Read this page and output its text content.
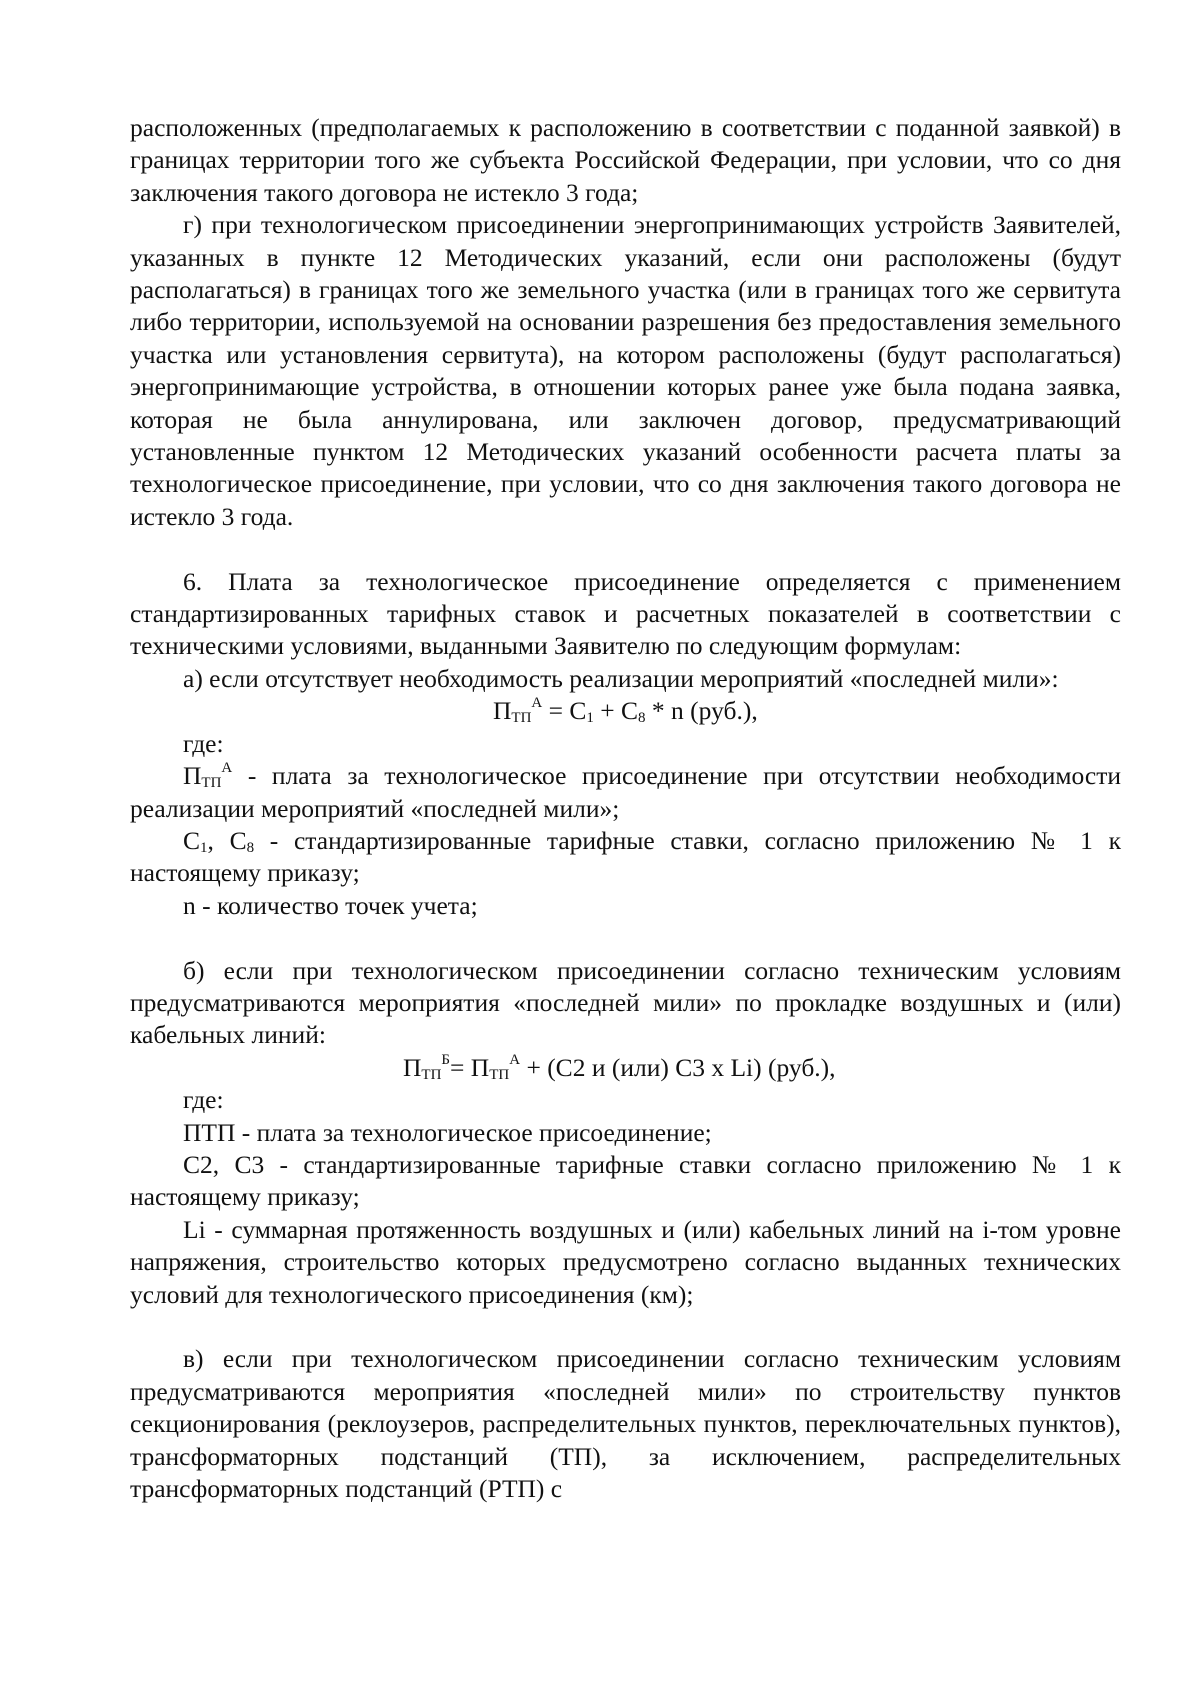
расположенных (предполагаемых к расположению в соответствии с поданной заявкой) в границах территории того же субъекта Российской Федерации, при условии, что со дня заключения такого договора не истекло 3 года;

г) при технологическом присоединении энергопринимающих устройств Заявителей, указанных в пункте 12 Методических указаний, если они расположены (будут располагаться) в границах того же земельного участка (или в границах того же сервитута либо территории, используемой на основании разрешения без предоставления земельного участка или установления сервитута), на котором расположены (будут располагаться) энергопринимающие устройства, в отношении которых ранее уже была подана заявка, которая не была аннулирована, или заключен договор, предусматривающий установленные пунктом 12 Методических указаний особенности расчета платы за технологическое присоединение, при условии, что со дня заключения такого договора не истекло 3 года.

6. Плата за технологическое присоединение определяется с применением стандартизированных тарифных ставок и расчетных показателей в соответствии с техническими условиями, выданными Заявителю по следующим формулам:

а) если отсутствует необходимость реализации мероприятий «последней мили»:

$П_{ТП}^А = С_1 + С_8 * n$ (руб.),

где:

$П_{ТП}^А$ - плата за технологическое присоединение при отсутствии необходимости реализации мероприятий «последней мили»;

$С_1$, $С_8$ - стандартизированные тарифные ставки, согласно приложению № 1 к настоящему приказу;

n - количество точек учета;

б) если при технологическом присоединении согласно техническим условиям предусматриваются мероприятия «последней мили» по прокладке воздушных и (или) кабельных линий:

$П_{ТП}^Б= П_{ТП}^А + (С2$ и (или) С3 х Li) (руб.),

где:

ПТП - плата за технологическое присоединение;

С2, С3 - стандартизированные тарифные ставки согласно приложению № 1 к настоящему приказу;

Li - суммарная протяженность воздушных и (или) кабельных линий на i-том уровне напряжения, строительство которых предусмотрено согласно выданных технических условий для технологического присоединения (км);

в) если при технологическом присоединении согласно техническим условиям предусматриваются мероприятия «последней мили» по строительству пунктов секционирования (реклоузеров, распределительных пунктов, переключательных пунктов), трансформаторных подстанций (ТП), за исключением, распределительных трансформаторных подстанций (РТП) с
